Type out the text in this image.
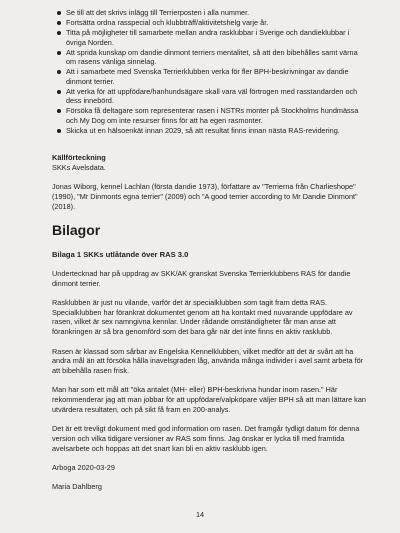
Se till att det skrivs inlägg till Terrierposten i alla nummer.
Fortsätta ordna rasspecial och klubbträff/aktivitetshelg varje år.
Titta på möjligheter till samarbete mellan andra rasklubbar i Sverige och dandieklubbar i övriga Norden.
Att sprida kunskap om dandie dinmont terriers mentalitet, så att den bibehålles samt värna om rasens vänliga sinnelag.
Att i samarbete med Svenska Terrierklubben verka för fler BPH-beskrivningar av dandie dinmont terrier.
Att verka för att uppfödare/hanhundsägare skall vara väl förtrogen med rasstandarden och dess innebörd.
Försöka få deltagare som representerar rasen i NSTRs monter på Stockholms hundmässa och My Dog om inte resurser finns för att ha egen rasmonter.
Skicka ut en hälsoenkät innan 2029, så att resultat finns innan nästa RAS-revidering.
Källförteckning

SKKs Avelsdata.

Jonas Wiborg, kennel Lachlan (första dandie 1973), författare av "Terrierna från Charlieshope" (1990), "Mr Dinmonts egna terrier" (2009) och "A good terrier according to Mr Dandie Dinmont" (2018).

Bilagor
Bilaga 1 SKKs utlåtande över RAS 3.0

Undertecknad har på uppdrag av SKK/AK granskat Svenska Terrierklubbens RAS för dandie dinmont terrier.

Rasklubben är just nu vilande, varför det är specialklubben som tagit fram detta RAS. Specialklubben har förankrat dokumentet genom att ha kontakt med nuvarande uppfödare av rasen, vilket är sex namngivna kennlar. Under rådande omständigheter får man anse att förankringen är så bra genomförd som det bara går när det inte finns en aktiv rasklubb.

Rasen är klassad som sårbar av Engelska Kennelklubben, vilket medför att det är svårt att ha andra mål än att försöka hålla inavelsgraden låg, använda många individer i avel samt arbeta för att bibehålla rasen frisk.

Man har som ett mål att "öka antalet (MH- eller) BPH-beskrivna hundar inom rasen." Här rekommenderar jag att man jobbar för att uppfödare/valpköpare väljer BPH så att man lättare kan utvärdera resultaten, och på sikt få fram en 200-analys.

Det är ett trevligt dokument med god information om rasen. Det framgår tydligt datum för denna version och vilka tidigare versioner av RAS som finns. Jag önskar er lycka till med framtida avelsarbete och hoppas att det snart kan bli en aktiv rasklubb igen.

Arboga 2020-03-29

Maria Dahlberg

14
